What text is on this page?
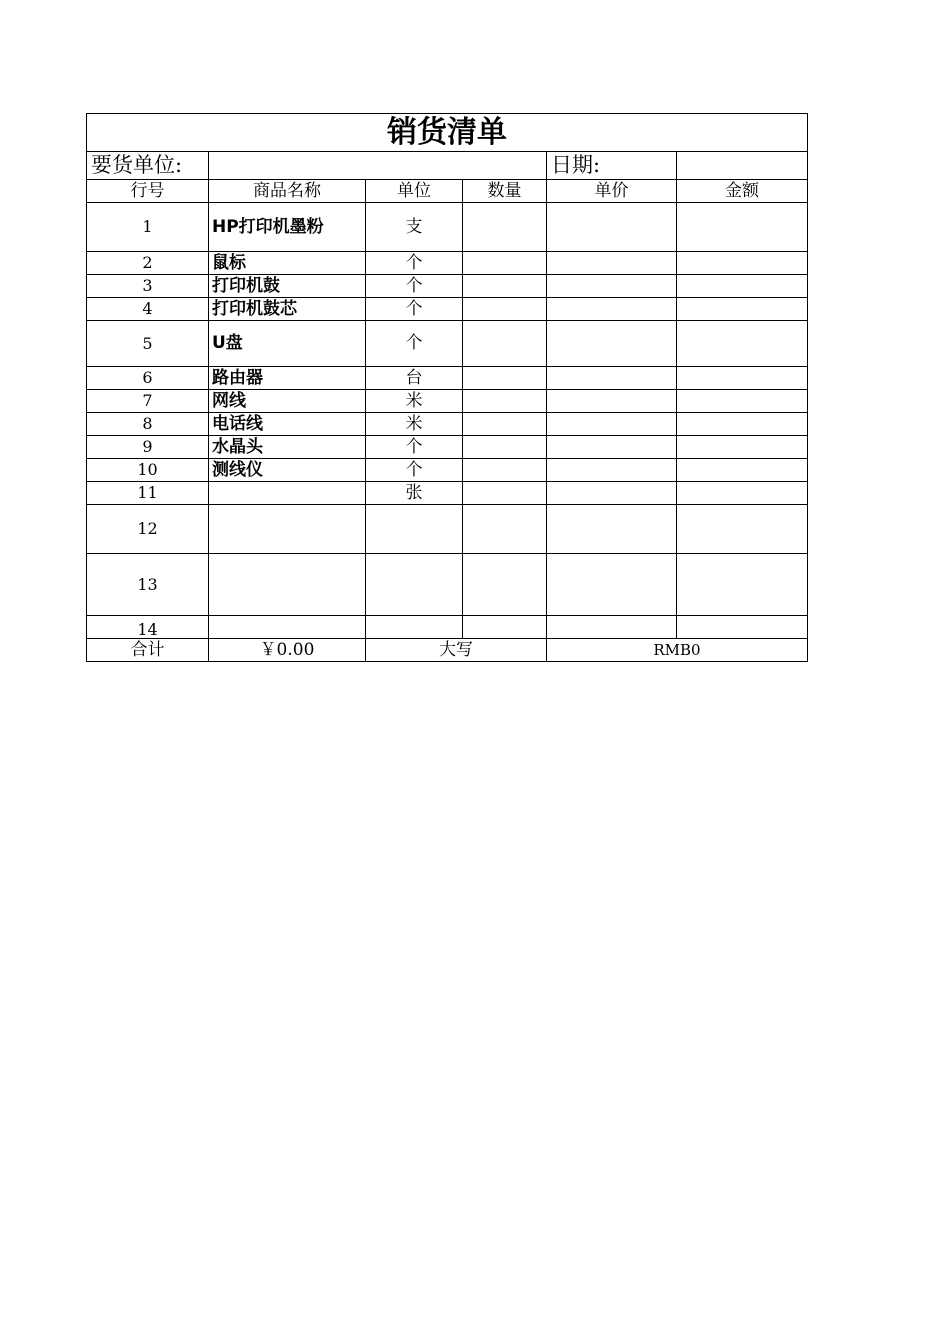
销货清单					
要货单位:				日期:	
行号	商品名称	单位	数量	单价	金额
1	HP打印机墨粉	支			
2	鼠标	个			
3	打印机鼓	个			
4	打印机鼓芯	个			
5	U盘	个			
6	路由器	台			
7	网线	米			
8	电话线	米			
9	水晶头	个			
10	测线仪	个			
11		张			
12					
13					
14					
合计	￥0.00	大写		RMB0	
